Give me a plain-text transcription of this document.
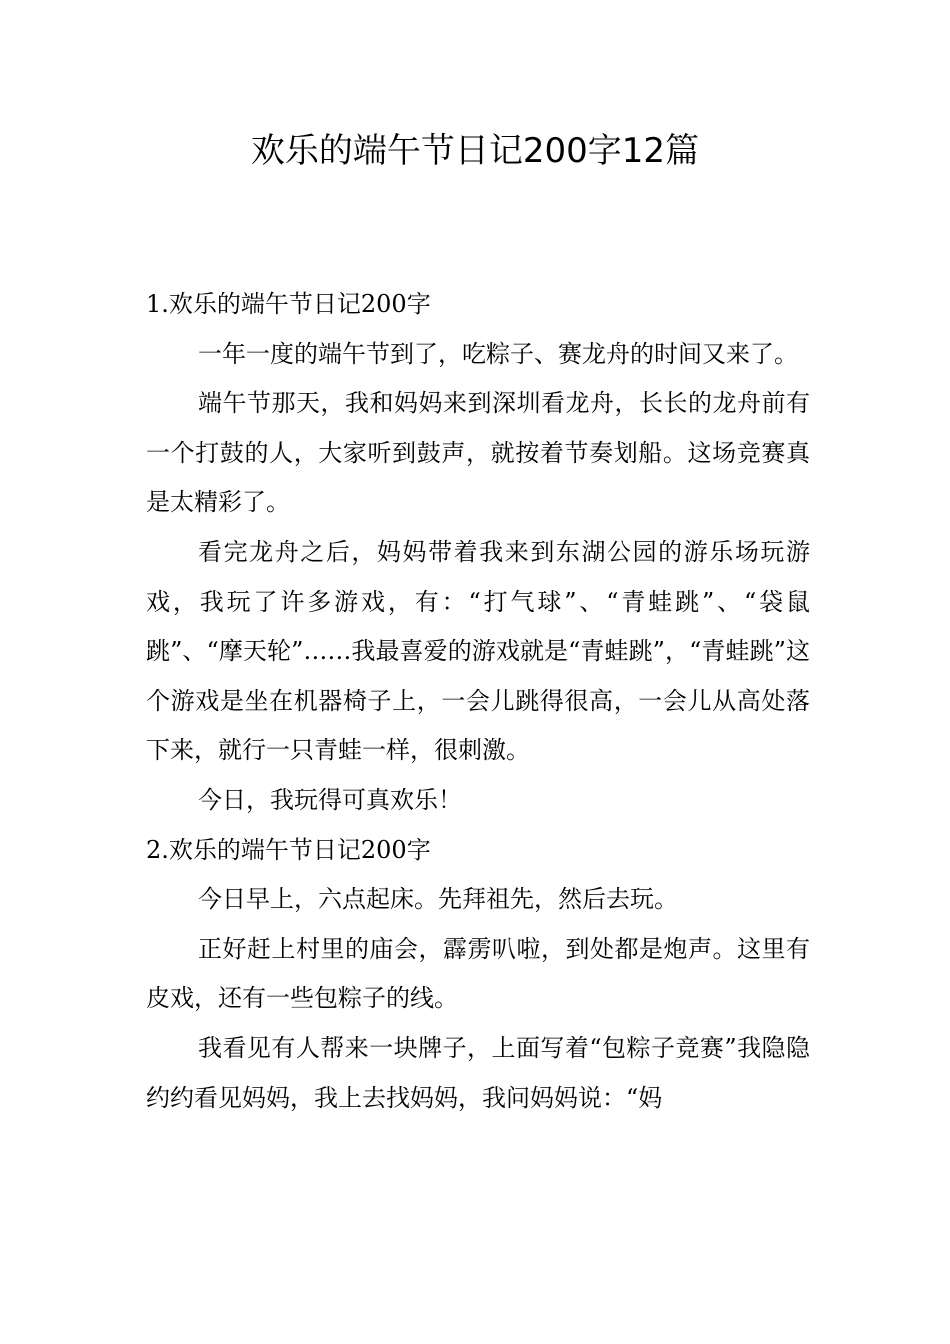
欢乐的端午节日记200字12篇

1.欢乐的端午节日记200字

一年一度的端午节到了，吃粽子、赛龙舟的时间又来了。

端午节那天，我和妈妈来到深圳看龙舟，长长的龙舟前有一个打鼓的人，大家听到鼓声，就按着节奏划船。这场竞赛真是太精彩了。

看完龙舟之后，妈妈带着我来到东湖公园的游乐场玩游戏，我玩了许多游戏，有：“打气球”、“青蛙跳”、“袋鼠跳”、“摩天轮”……我最喜爱的游戏就是“青蛙跳”，“青蛙跳”这个游戏是坐在机器椅子上，一会儿跳得很高，一会儿从高处落下来，就行一只青蛙一样，很刺激。

今日，我玩得可真欢乐！

2.欢乐的端午节日记200字

今日早上，六点起床。先拜祖先，然后去玩。

正好赶上村里的庙会，霹雳叭啦，到处都是炮声。这里有皮戏，还有一些包粽子的线。

我看见有人帮来一块牌子，上面写着“包粽子竞赛”我隐隐约约看见妈妈，我上去找妈妈，我问妈妈说：“妈
